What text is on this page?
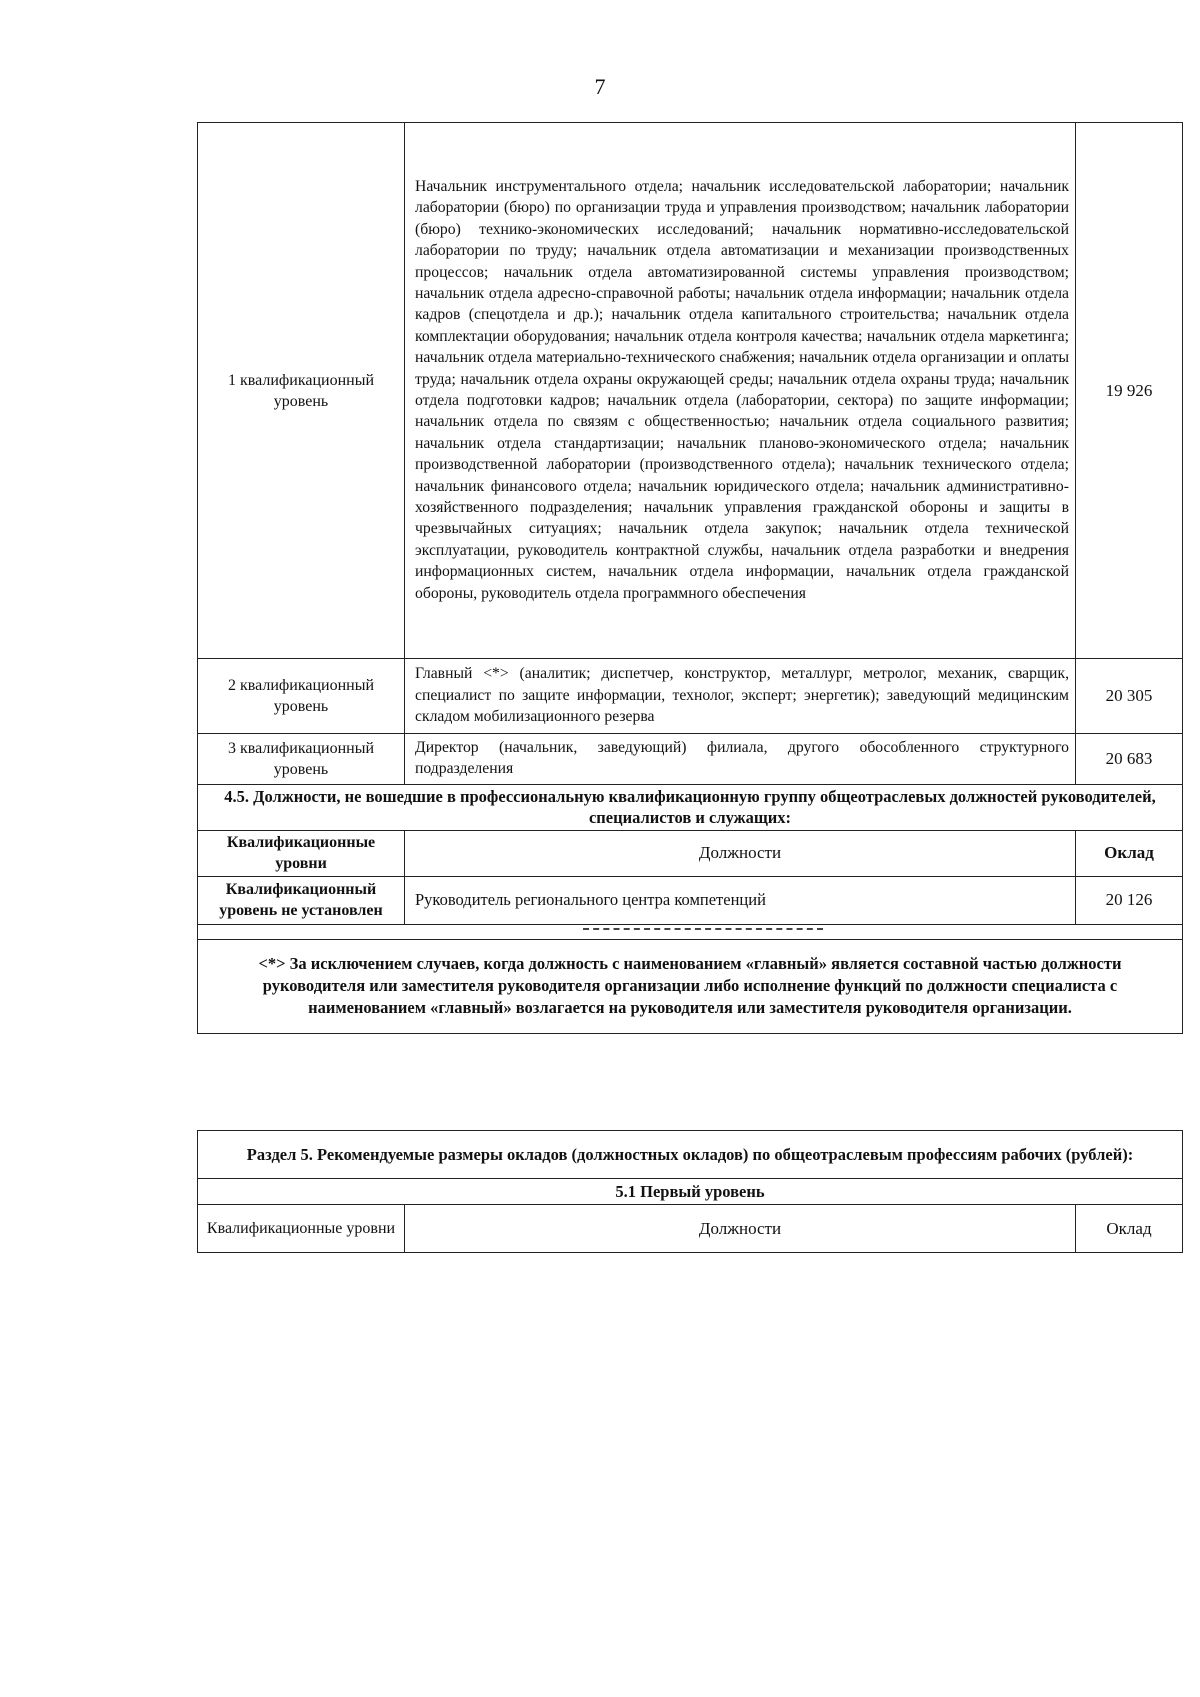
7
1 квалификационный уровень	Начальник инструментального отдела; начальник исследовательской лаборатории; начальник лаборатории (бюро) по организации труда и управления производством; начальник лаборатории (бюро) технико-экономических исследований; начальник нормативно-исследовательской лаборатории по труду; начальник отдела автоматизации и механизации производственных процессов; начальник отдела автоматизированной системы управления производством; начальник отдела адресно-справочной работы; начальник отдела информации; начальник отдела кадров (спецотдела и др.); начальник отдела капитального строительства; начальник отдела комплектации оборудования; начальник отдела контроля качества; начальник отдела маркетинга; начальник отдела материально-технического снабжения; начальник отдела организации и оплаты труда; начальник отдела охраны окружающей среды; начальник отдела охраны труда; начальник отдела подготовки кадров; начальник отдела (лаборатории, сектора) по защите информации; начальник отдела по связям с общественностью; начальник отдела социального развития; начальник отдела стандартизации; начальник планово-экономического отдела; начальник производственной лаборатории (производственного отдела); начальник технического отдела; начальник финансового отдела; начальник юридического отдела; начальник административно-хозяйственного подразделения; начальник управления гражданской обороны и защиты в чрезвычайных ситуациях; начальник отдела закупок; начальник отдела технической эксплуатации, руководитель контрактной службы, начальник отдела разработки и внедрения информационных систем, начальник отдела информации, начальник отдела гражданской обороны, руководитель отдела программного обеспечения	19 926
2 квалификационный уровень	Главный <*> (аналитик; диспетчер, конструктор, металлург, метролог, механик, сварщик, специалист по защите информации, технолог, эксперт; энергетик); заведующий медицинским складом мобилизационного резерва	20 305
3 квалификационный уровень	Директор (начальник, заведующий) филиала, другого обособленного структурного подразделения	20 683
4.5. Должности, не вошедшие в профессиональную квалификационную группу общеотраслевых должностей руководителей, специалистов и служащих:		
Квалификационные уровни	Должности	Оклад
Квалификационный уровень не установлен	Руководитель регионального центра компетенций	20 126

<*> За исключением случаев, когда должность с наименованием «главный» является составной частью должности руководителя или заместителя руководителя организации либо исполнение функций по должности специалиста с наименованием «главный» возлагается на руководителя или заместителя руководителя организации.		
Раздел 5. Рекомендуемые размеры окладов (должностных окладов) по общеотраслевым профессиям рабочих (рублей):
5.1 Первый уровень
Квалификационные уровни	Должности	Оклад
